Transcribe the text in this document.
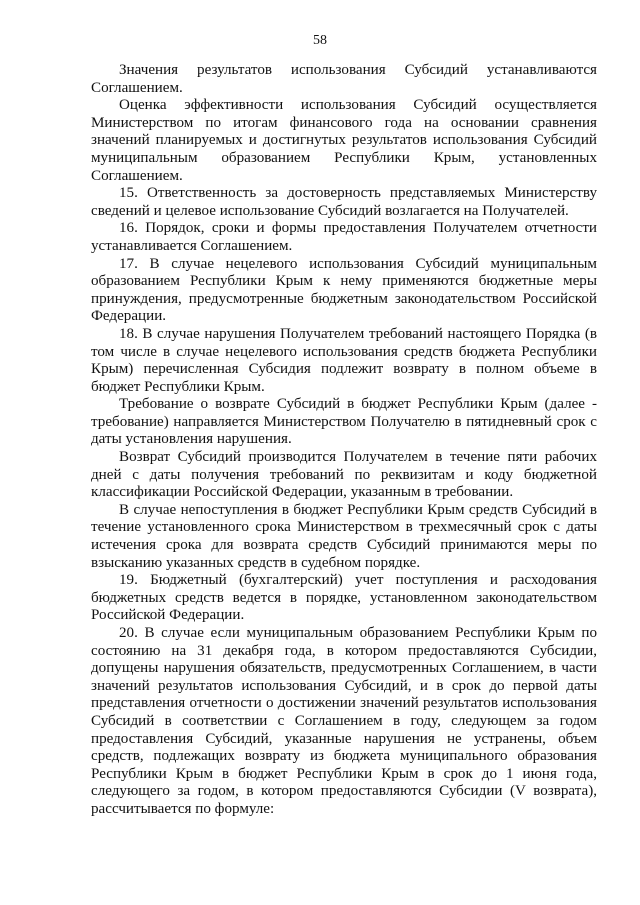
58

Значения результатов использования Субсидий устанавливаются Соглашением.

Оценка эффективности использования Субсидий осуществляется Министерством по итогам финансового года на основании сравнения значений планируемых и достигнутых результатов использования Субсидий муниципальным образованием Республики Крым, установленных Соглашением.

15. Ответственность за достоверность представляемых Министерству сведений и целевое использование Субсидий возлагается на Получателей.

16. Порядок, сроки и формы предоставления Получателем отчетности устанавливается Соглашением.

17. В случае нецелевого использования Субсидий муниципальным образованием Республики Крым к нему применяются бюджетные меры принуждения, предусмотренные бюджетным законодательством Российской Федерации.

18. В случае нарушения Получателем требований настоящего Порядка (в том числе в случае нецелевого использования средств бюджета Республики Крым) перечисленная Субсидия подлежит возврату в полном объеме в бюджет Республики Крым.

Требование о возврате Субсидий в бюджет Республики Крым (далее - требование) направляется Министерством Получателю в пятидневный срок с даты установления нарушения.

Возврат Субсидий производится Получателем в течение пяти рабочих дней с даты получения требований по реквизитам и коду бюджетной классификации Российской Федерации, указанным в требовании.

В случае непоступления в бюджет Республики Крым средств Субсидий в течение установленного срока Министерством в трехмесячный срок с даты истечения срока для возврата средств Субсидий принимаются меры по взысканию указанных средств в судебном порядке.

19. Бюджетный (бухгалтерский) учет поступления и расходования бюджетных средств ведется в порядке, установленном законодательством Российской Федерации.

20. В случае если муниципальным образованием Республики Крым по состоянию на 31 декабря года, в котором предоставляются Субсидии, допущены нарушения обязательств, предусмотренных Соглашением, в части значений результатов использования Субсидий, и в срок до первой даты представления отчетности о достижении значений результатов использования Субсидий в соответствии с Соглашением в году, следующем за годом предоставления Субсидий, указанные нарушения не устранены, объем средств, подлежащих возврату из бюджета муниципального образования Республики Крым в бюджет Республики Крым в срок до 1 июня года, следующего за годом, в котором предоставляются Субсидии (V возврата), рассчитывается по формуле:
